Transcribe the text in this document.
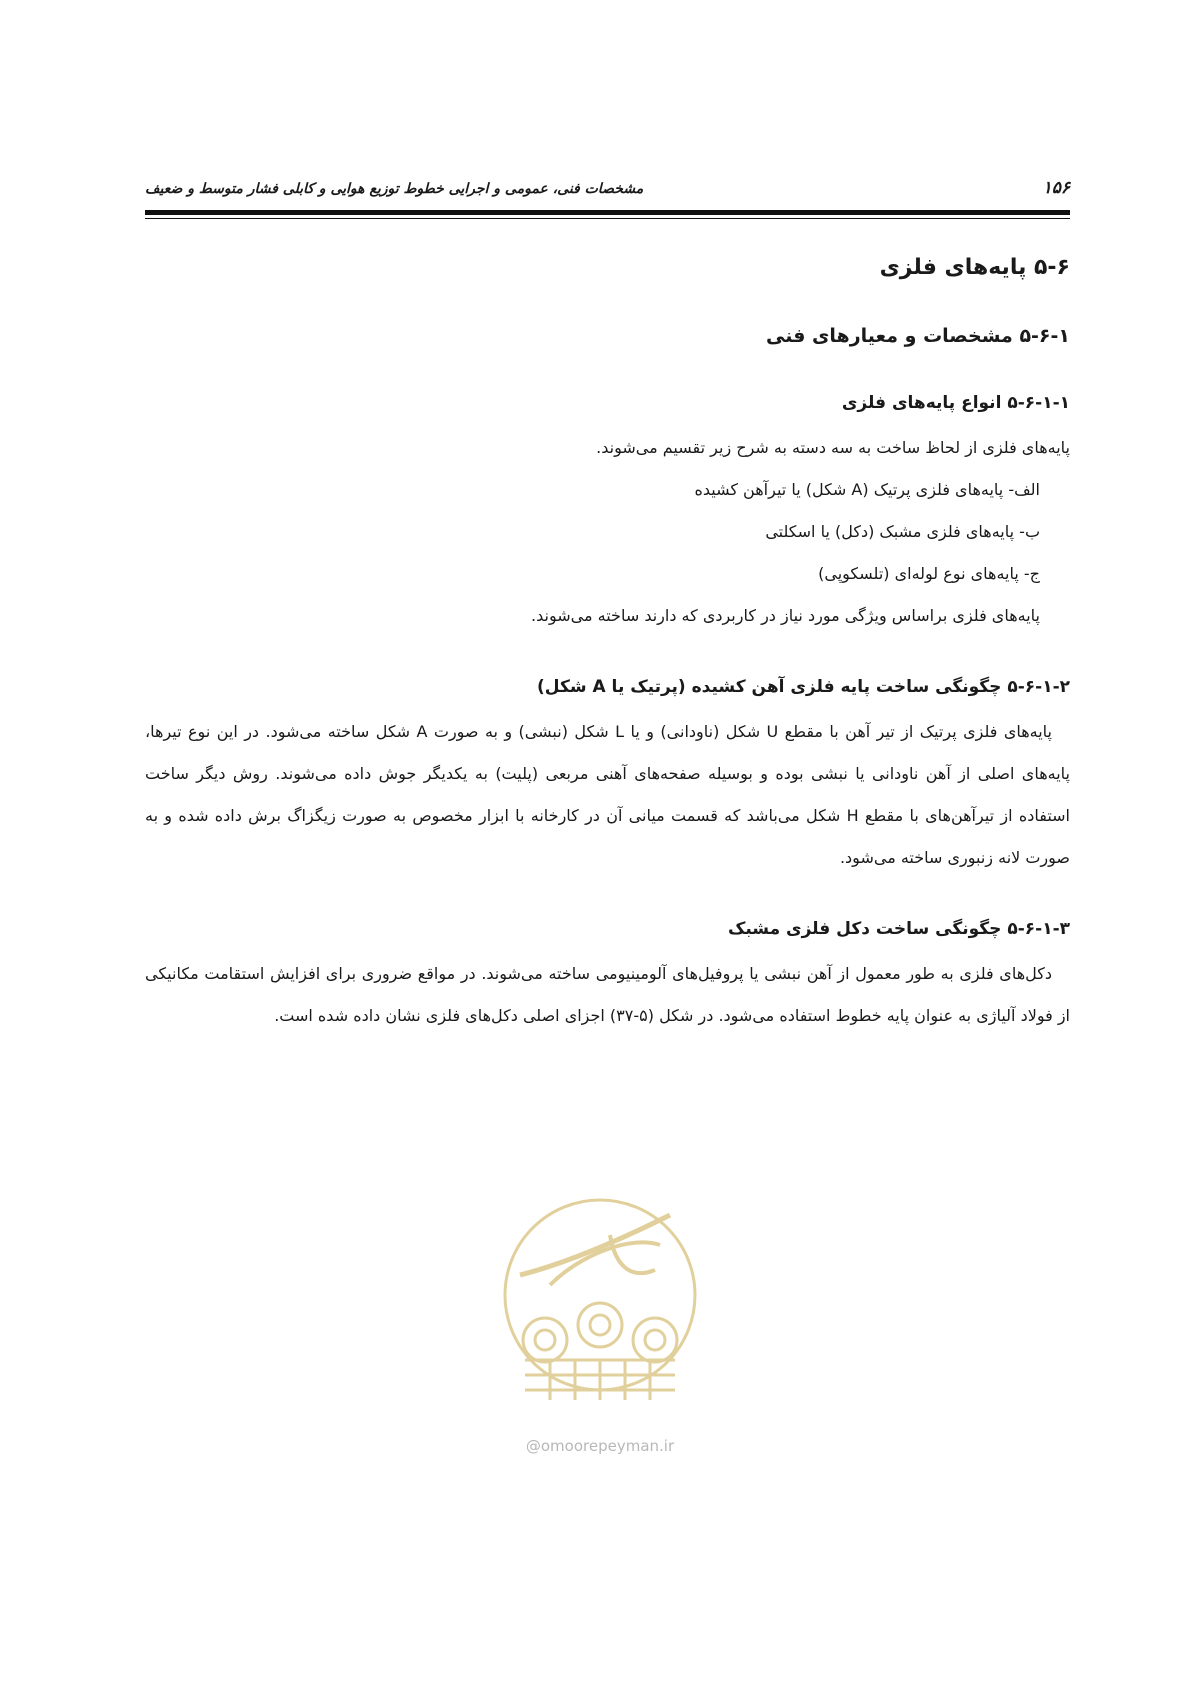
۱۵۶
مشخصات فنی، عمومی و اجرایی خطوط توزیع هوایی و کابلی فشار متوسط و ضعیف
۵-۶ پایه‌های فلزی
۵-۶-۱ مشخصات و معیارهای فنی
۵-۶-۱-۱ انواع پایه‌های فلزی

پایه‌های فلزی از لحاظ ساخت به سه دسته به شرح زیر تقسیم می‌شوند.

الف- پایه‌های فلزی پرتیک (A شکل) یا تیرآهن کشیده
ب- پایه‌های فلزی مشبک (دکل) یا اسکلتی
ج- پایه‌های نوع لوله‌ای (تلسکوپی)

پایه‌های فلزی براساس ویژگی مورد نیاز در کاربردی که دارند ساخته می‌شوند.

۵-۶-۱-۲ چگونگی ساخت پایه فلزی آهن کشیده (پرتیک یا A شکل)

پایه‌های فلزی پرتیک از تیر آهن با مقطع U شکل (ناودانی) و یا L شکل (نبشی) و به صورت A شکل ساخته می‌شود. در این نوع تیرها، پایه‌های اصلی از آهن ناودانی یا نبشی بوده و بوسیله صفحه‌های آهنی مربعی (پلیت) به یکدیگر جوش داده می‌شوند. روش دیگر ساخت استفاده از تیرآهن‌های با مقطع H شکل می‌باشد که قسمت میانی آن در کارخانه با ابزار مخصوص به صورت زیگزاگ برش داده شده و به صورت لانه زنبوری ساخته می‌شود.

۵-۶-۱-۳ چگونگی ساخت دکل فلزی مشبک

دکل‌های فلزی به طور معمول از آهن نبشی یا پروفیل‌های آلومینیومی ساخته می‌شوند. در مواقع ضروری برای افزایش استقامت مکانیکی از فولاد آلیاژی به عنوان پایه خطوط استفاده می‌شود. در شکل (۵-۳۷) اجزای اصلی دکل‌های فلزی نشان داده شده است.

@omoorepeyman.ir
